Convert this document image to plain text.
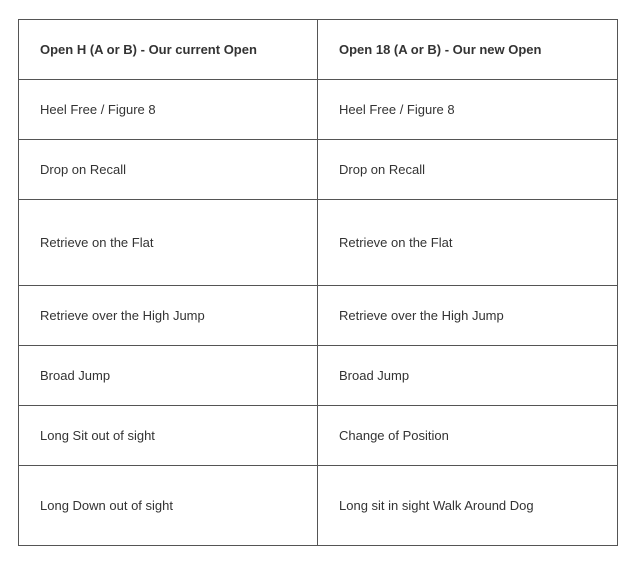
Open H (A or B) - Our current Open	Open 18 (A or B) - Our new Open
Heel Free / Figure 8	Heel Free / Figure 8
Drop on Recall	Drop on Recall
Retrieve on the Flat	Retrieve on the Flat
Retrieve over the High Jump	Retrieve over the High Jump
Broad Jump	Broad Jump
Long Sit out of sight	Change of Position
Long Down out of sight	Long sit in sight Walk Around Dog
